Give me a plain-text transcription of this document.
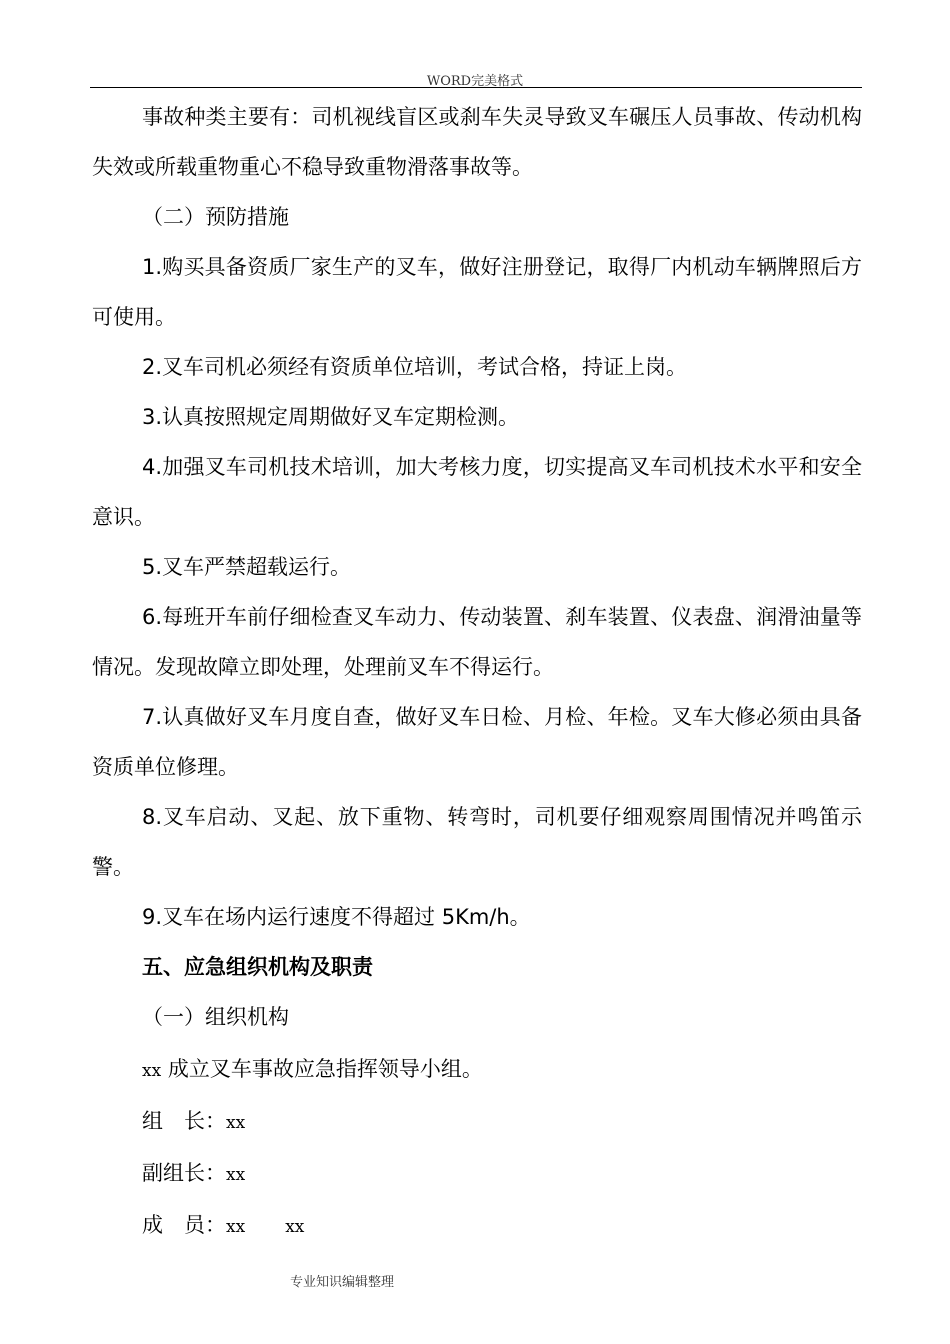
WORD完美格式

事故种类主要有：司机视线盲区或刹车失灵导致叉车碾压人员事故、传动机构失效或所载重物重心不稳导致重物滑落事故等。

（二）预防措施

1.购买具备资质厂家生产的叉车，做好注册登记，取得厂内机动车辆牌照后方可使用。

2.叉车司机必须经有资质单位培训，考试合格，持证上岗。

3.认真按照规定周期做好叉车定期检测。

4.加强叉车司机技术培训，加大考核力度，切实提高叉车司机技术水平和安全意识。

5.叉车严禁超载运行。

6.每班开车前仔细检查叉车动力、传动装置、刹车装置、仪表盘、润滑油量等情况。发现故障立即处理，处理前叉车不得运行。

7.认真做好叉车月度自查，做好叉车日检、月检、年检。叉车大修必须由具备资质单位修理。

8.叉车启动、叉起、放下重物、转弯时，司机要仔细观察周围情况并鸣笛示警。

9.叉车在场内运行速度不得超过 5Km/h。

五、应急组织机构及职责

（一）组织机构

xx 成立叉车事故应急指挥领导小组。

组　长：xx

副组长：xx

成　员：xx xx

专业知识编辑整理
